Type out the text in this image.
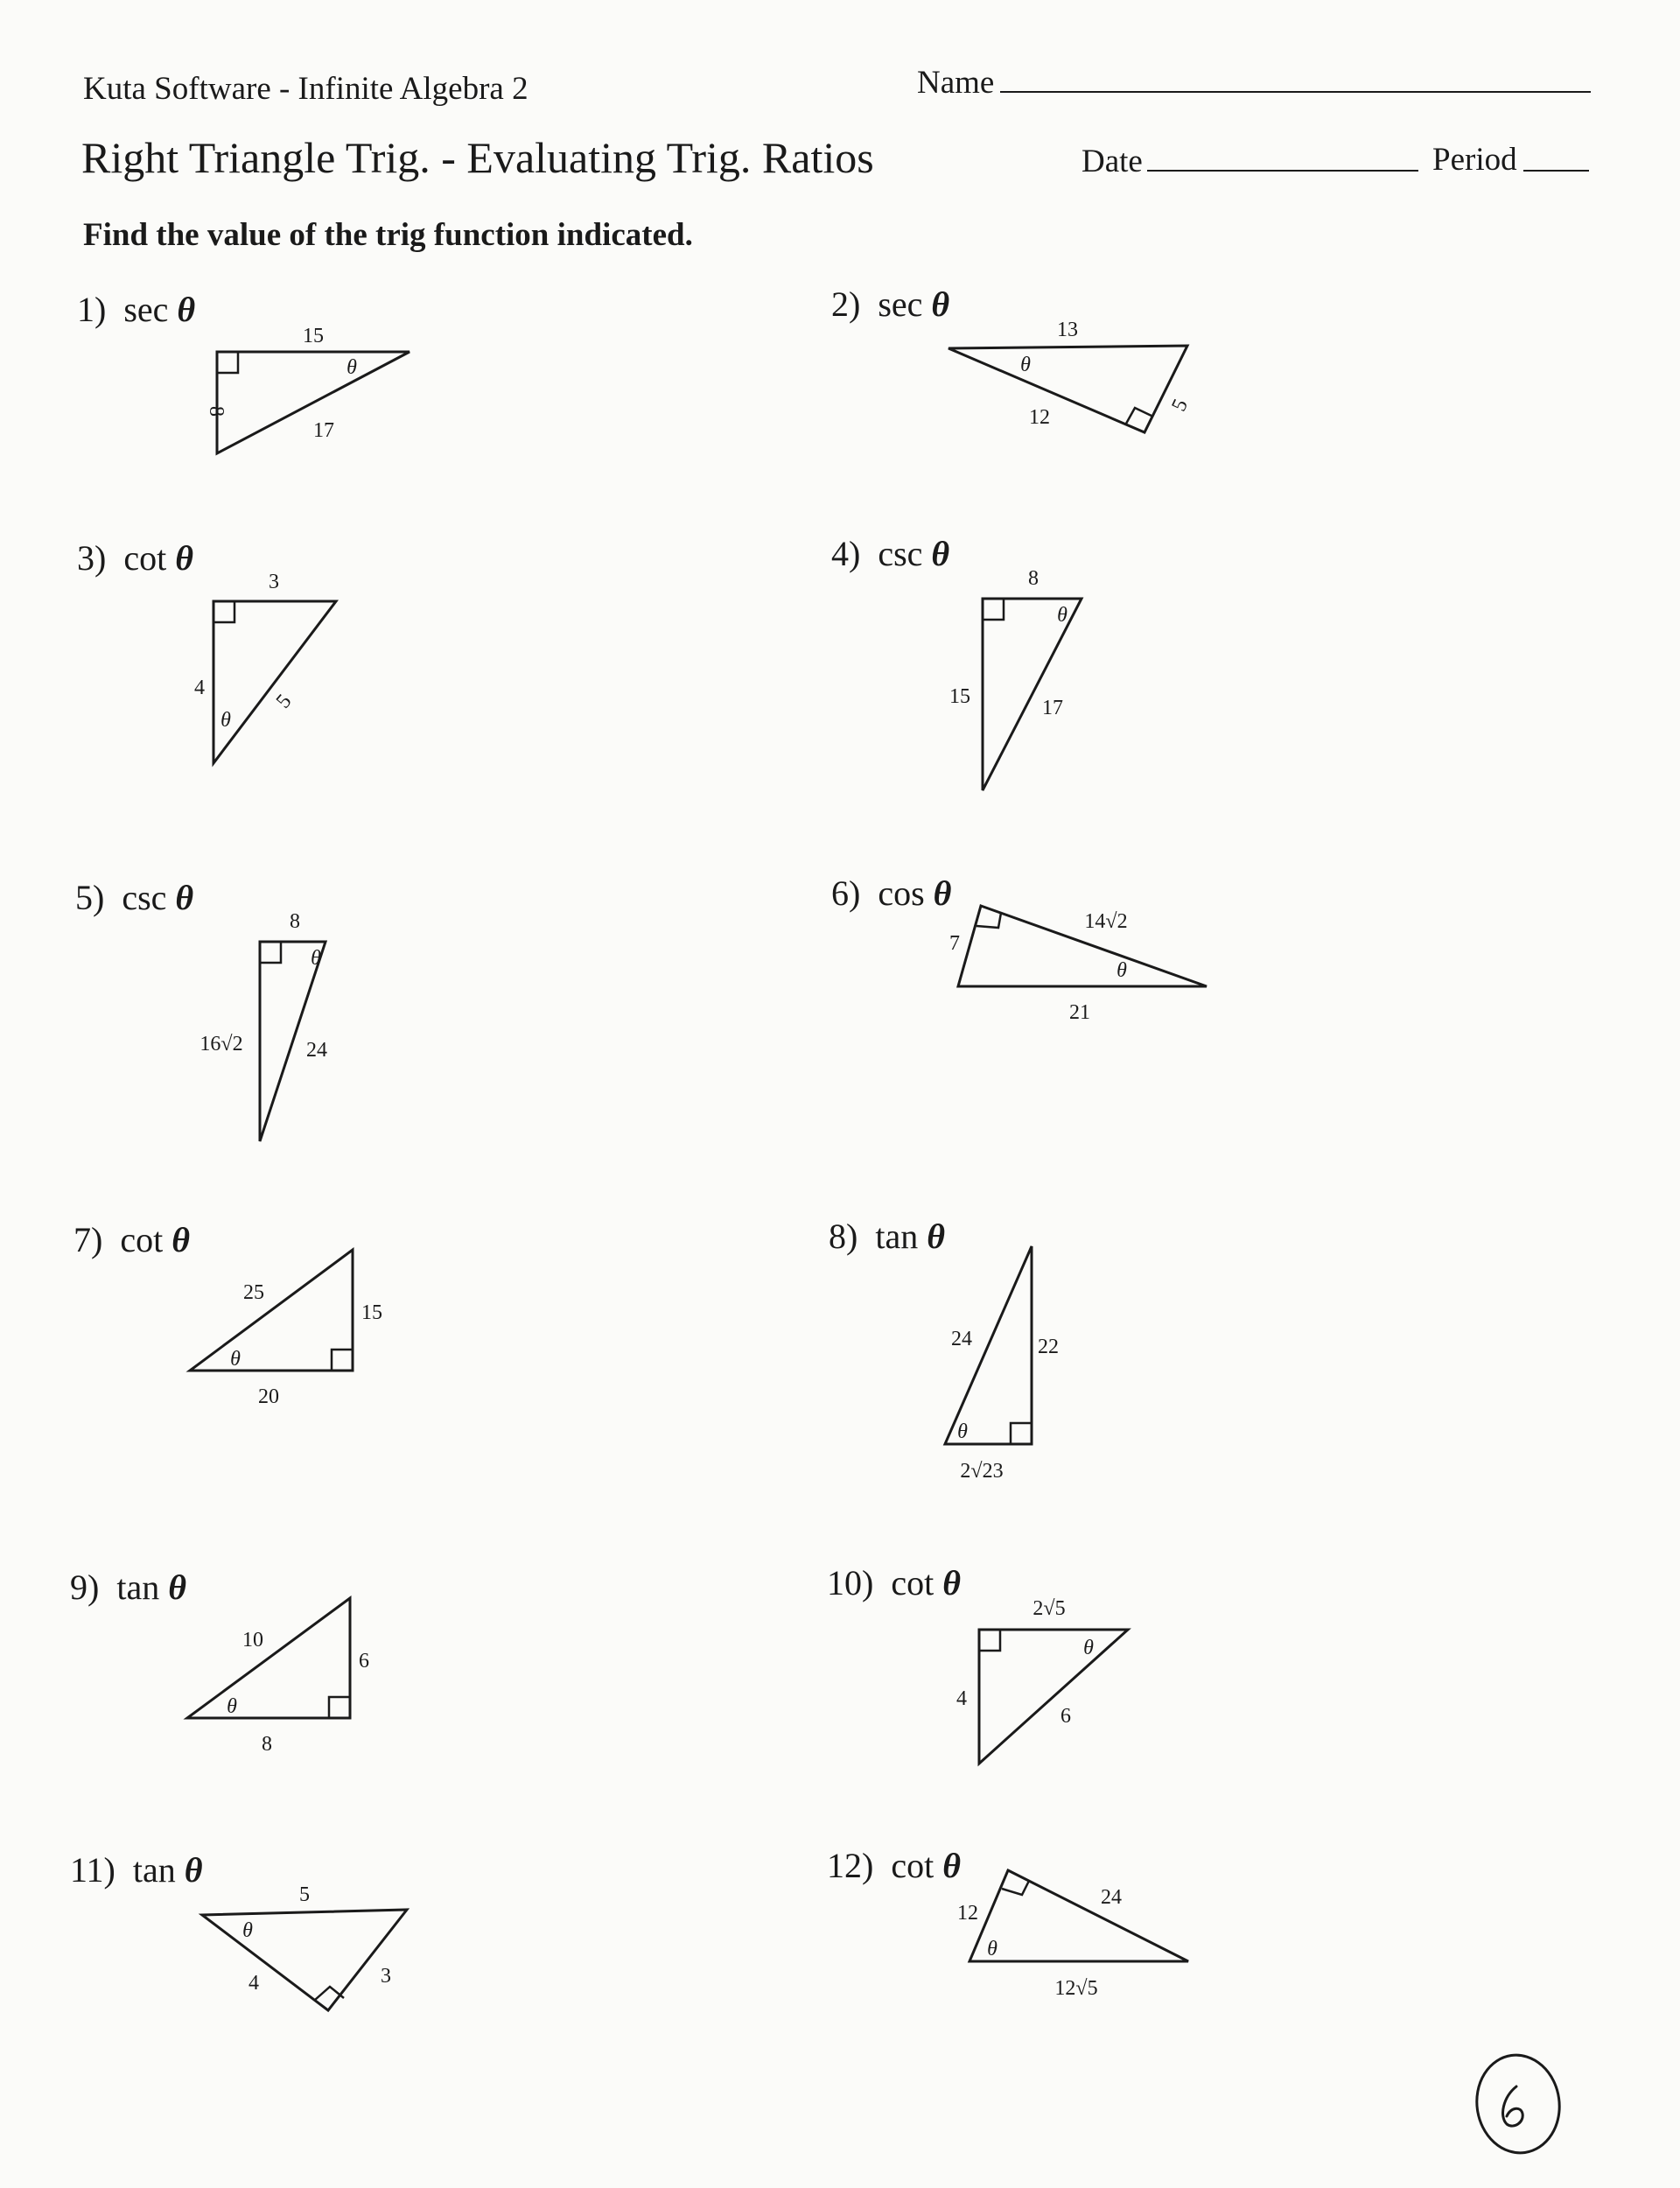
Kuta Software - Infinite Algebra 2	Name
Right Triangle Trig. - Evaluating Trig. Ratios	Date	Period
Find the value of the trig function indicated.
1) sec θ	2) sec θ
3) cot θ	4) csc θ
5) csc θ	6) cos θ
7) cot θ	8) tan θ
9) tan θ	10) cot θ
11) tan θ	12) cot θ
15
8
17
θ
13
12
5
θ
3
4
5
θ
8
15	17
θ
8
16√2	24
θ
7
14√2
21
θ
25
15
20
θ
24	22
2√23
θ
10
6
8
θ
2√5
4
6
θ
5
4	3
θ
12
24
12√5
θ
